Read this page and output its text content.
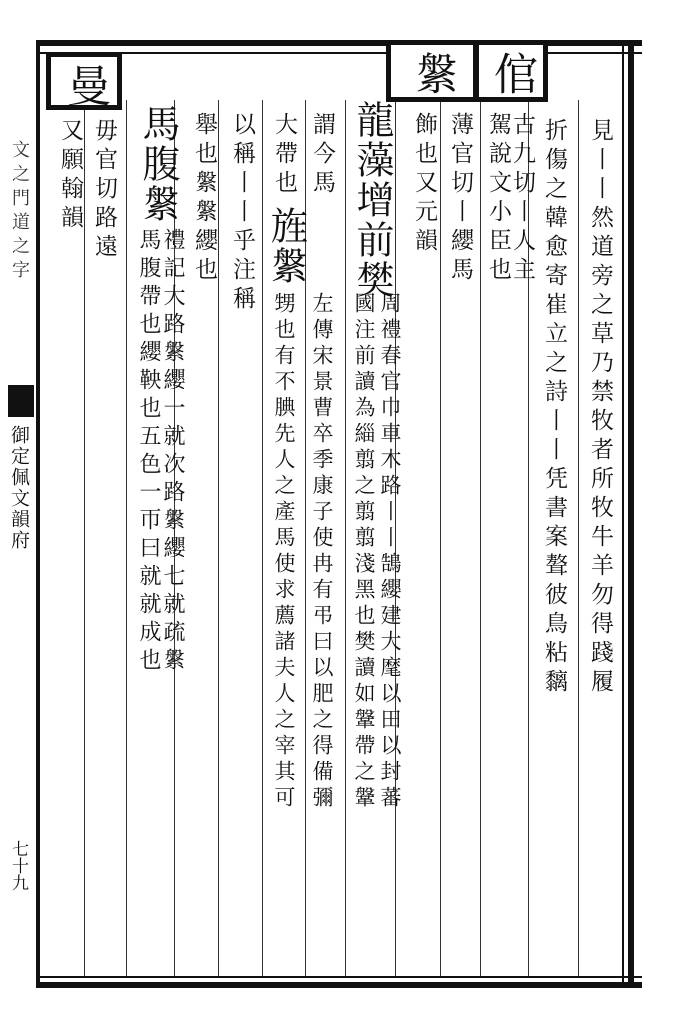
文之門道之字
御定佩文韻府
七十九
倌
縏
曼
見丨丨然道旁之草乃禁牧者所牧牛羊勿得踐履
折傷之韓愈寄崔立之詩丨丨凭書案聱彼鳥粘黐
古九切丨人主
駕說文小臣也
薄官切丨纓馬
飾也又元韻
龍藻增前樊
周禮春官巾車木路丨丨鵠纓建大麾以田以封蕃
國注前讀為緇翦之翦翦淺黑也樊讀如鞶帶之鞶
謂今馬
大帶也
旌縏
左傳宋景曹卒季康子使冉有弔曰以肥之得備彌
甥也有不腆先人之產馬使求薦諸夫人之宰其可
以稱丨丨乎注稱
舉也縏縏纓也
馬腹縏
禮記大路縏纓一就次路縏纓七就疏縏
馬腹帶也纓鞅也五色一帀曰就就成也
毋官切路遠
又願翰韻
